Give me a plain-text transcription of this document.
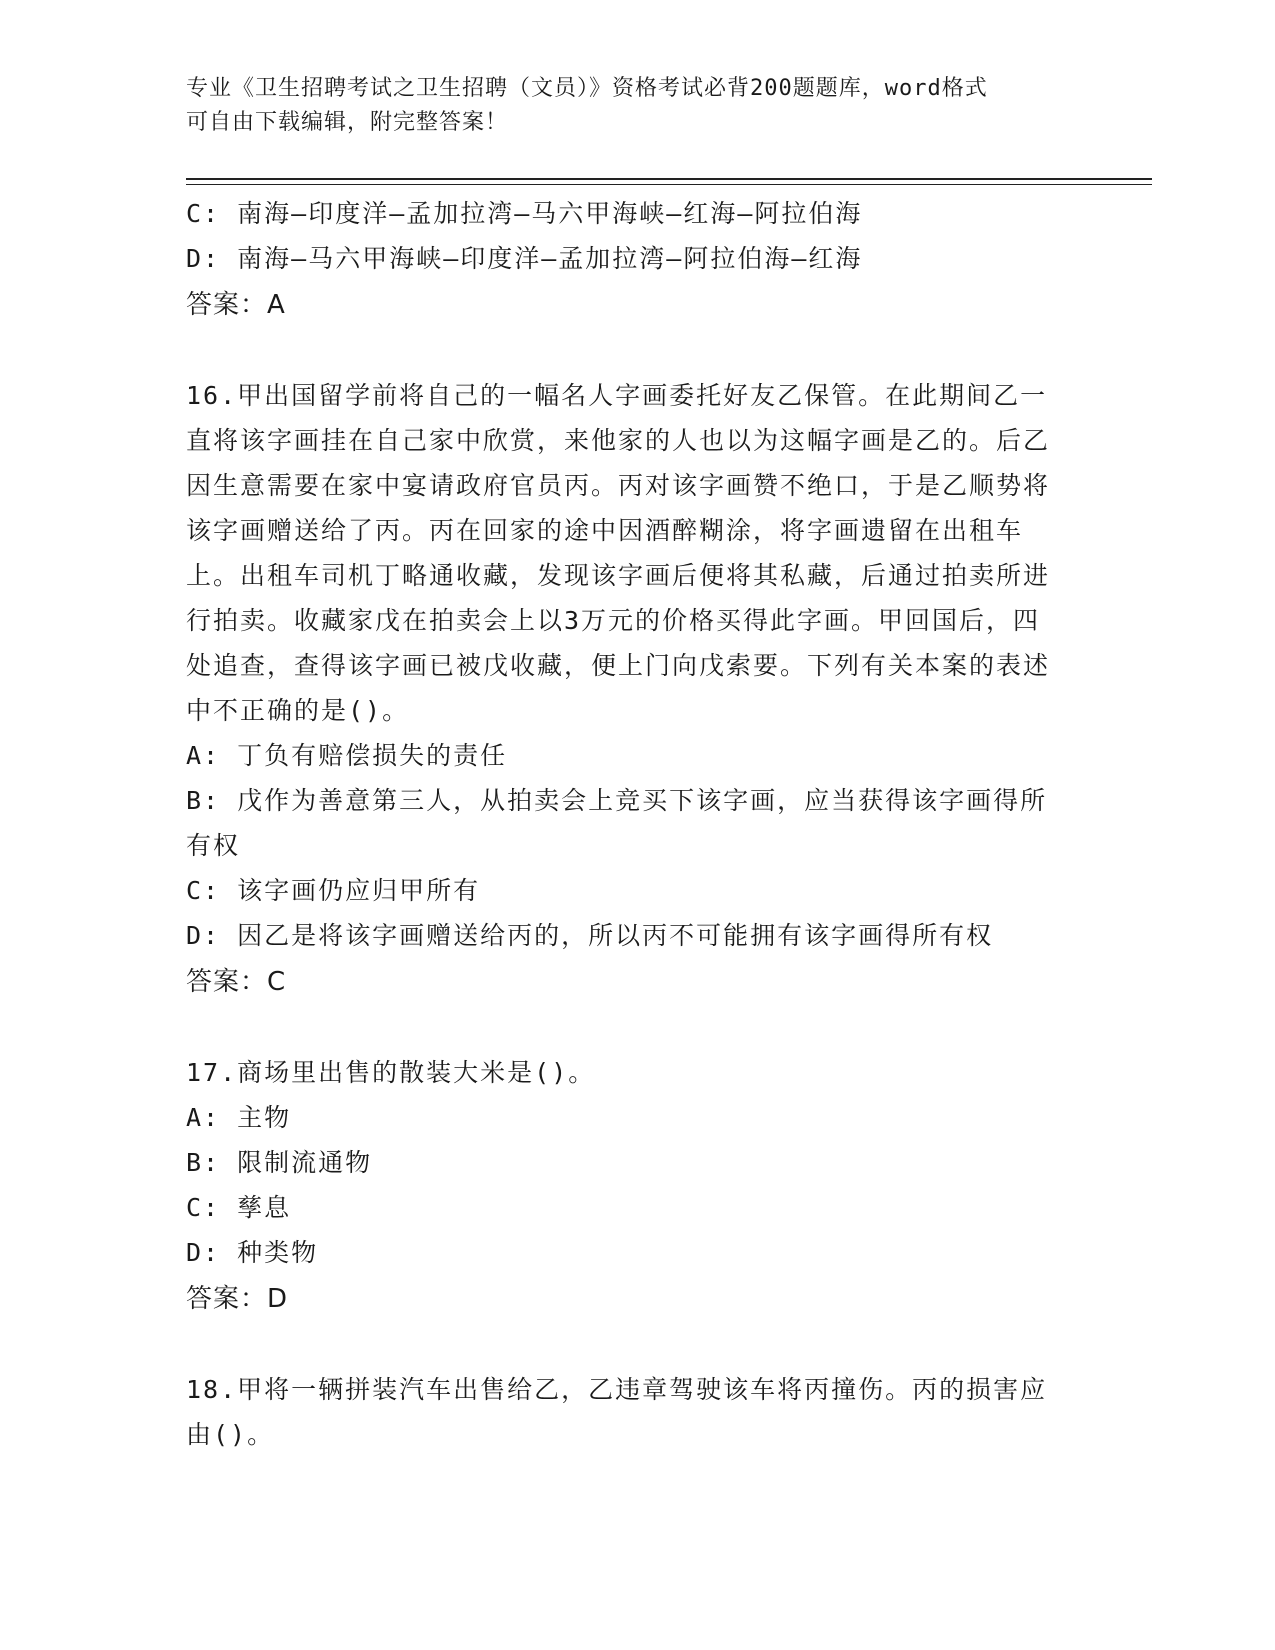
专业《卫生招聘考试之卫生招聘（文员）》资格考试必背200题题库，word格式
可自由下载编辑，附完整答案！
C: 南海—印度洋—孟加拉湾—马六甲海峡—红海—阿拉伯海
D: 南海—马六甲海峡—印度洋—孟加拉湾—阿拉伯海—红海
答案：A
16.甲出国留学前将自己的一幅名人字画委托好友乙保管。在此期间乙一直将该字画挂在自己家中欣赏，来他家的人也以为这幅字画是乙的。后乙因生意需要在家中宴请政府官员丙。丙对该字画赞不绝口，于是乙顺势将该字画赠送给了丙。丙在回家的途中因酒醉糊涂，将字画遗留在出租车上。出租车司机丁略通收藏，发现该字画后便将其私藏，后通过拍卖所进行拍卖。收藏家戊在拍卖会上以3万元的价格买得此字画。甲回国后，四处追查，查得该字画已被戊收藏，便上门向戊索要。下列有关本案的表述中不正确的是()。
A: 丁负有赔偿损失的责任
B: 戊作为善意第三人，从拍卖会上竞买下该字画，应当获得该字画得所有权
C: 该字画仍应归甲所有
D: 因乙是将该字画赠送给丙的，所以丙不可能拥有该字画得所有权
答案：C
17.商场里出售的散装大米是()。
A: 主物
B: 限制流通物
C: 孳息
D: 种类物
答案：D
18.甲将一辆拼装汽车出售给乙，乙违章驾驶该车将丙撞伤。丙的损害应由()。
